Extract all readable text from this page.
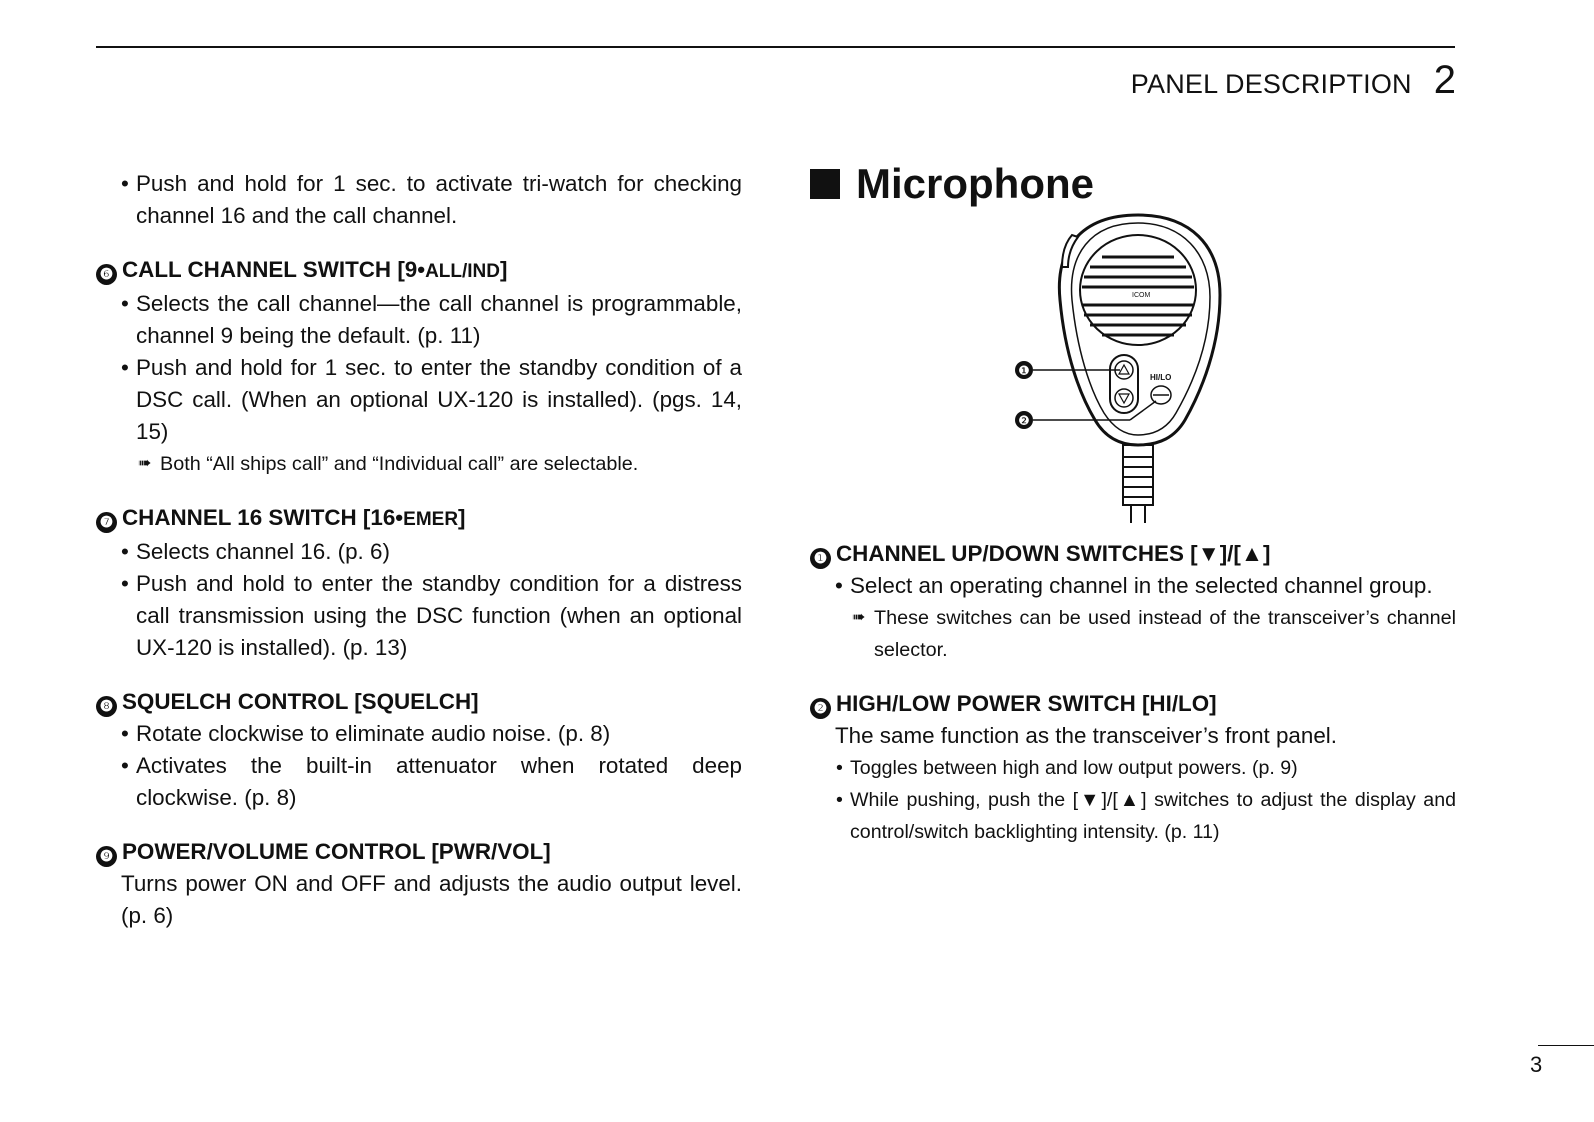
PANEL DESCRIPTION 2
• Push and hold for 1 sec. to activate tri-watch for checking channel 16 and the call channel.
❻ CALL CHANNEL SWITCH [9• ALL/IND ]
• Selects the call channel—the call channel is programmable, channel 9 being the default. (p. 11)
• Push and hold for 1 sec. to enter the standby condition of a DSC call. (When an optional UX-120 is installed). (pgs. 14, 15)
➠ Both “All ships call” and “Individual call” are selectable.
❼ CHANNEL 16 SWITCH [16• EMER ]
• Selects channel 16. (p. 6)
• Push and hold to enter the standby condition for a distress call transmission using the DSC function (when an optional UX-120 is installed). (p. 13)
❽ SQUELCH CONTROL [SQUELCH]
• Rotate clockwise to eliminate audio noise. (p. 8)
• Activates the built-in attenuator when rotated deep clockwise. (p. 8)
❾ POWER/VOLUME CONTROL [PWR/VOL]
Turns power ON and OFF and adjusts the audio output level. (p. 6)
Microphone
ICOM
HI/LO
❶
❷
❶ CHANNEL UP/DOWN SWITCHES [▼]/[▲]
• Select an operating channel in the selected channel group.
➠ These switches can be used instead of the transceiver’s channel selector.
❷ HIGH/LOW POWER SWITCH [HI/LO]
The same function as the transceiver’s front panel.
• Toggles between high and low output powers. (p. 9)
• While pushing, push the [▼]/[▲] switches to adjust the display and control/switch backlighting intensity. (p. 11)
3
